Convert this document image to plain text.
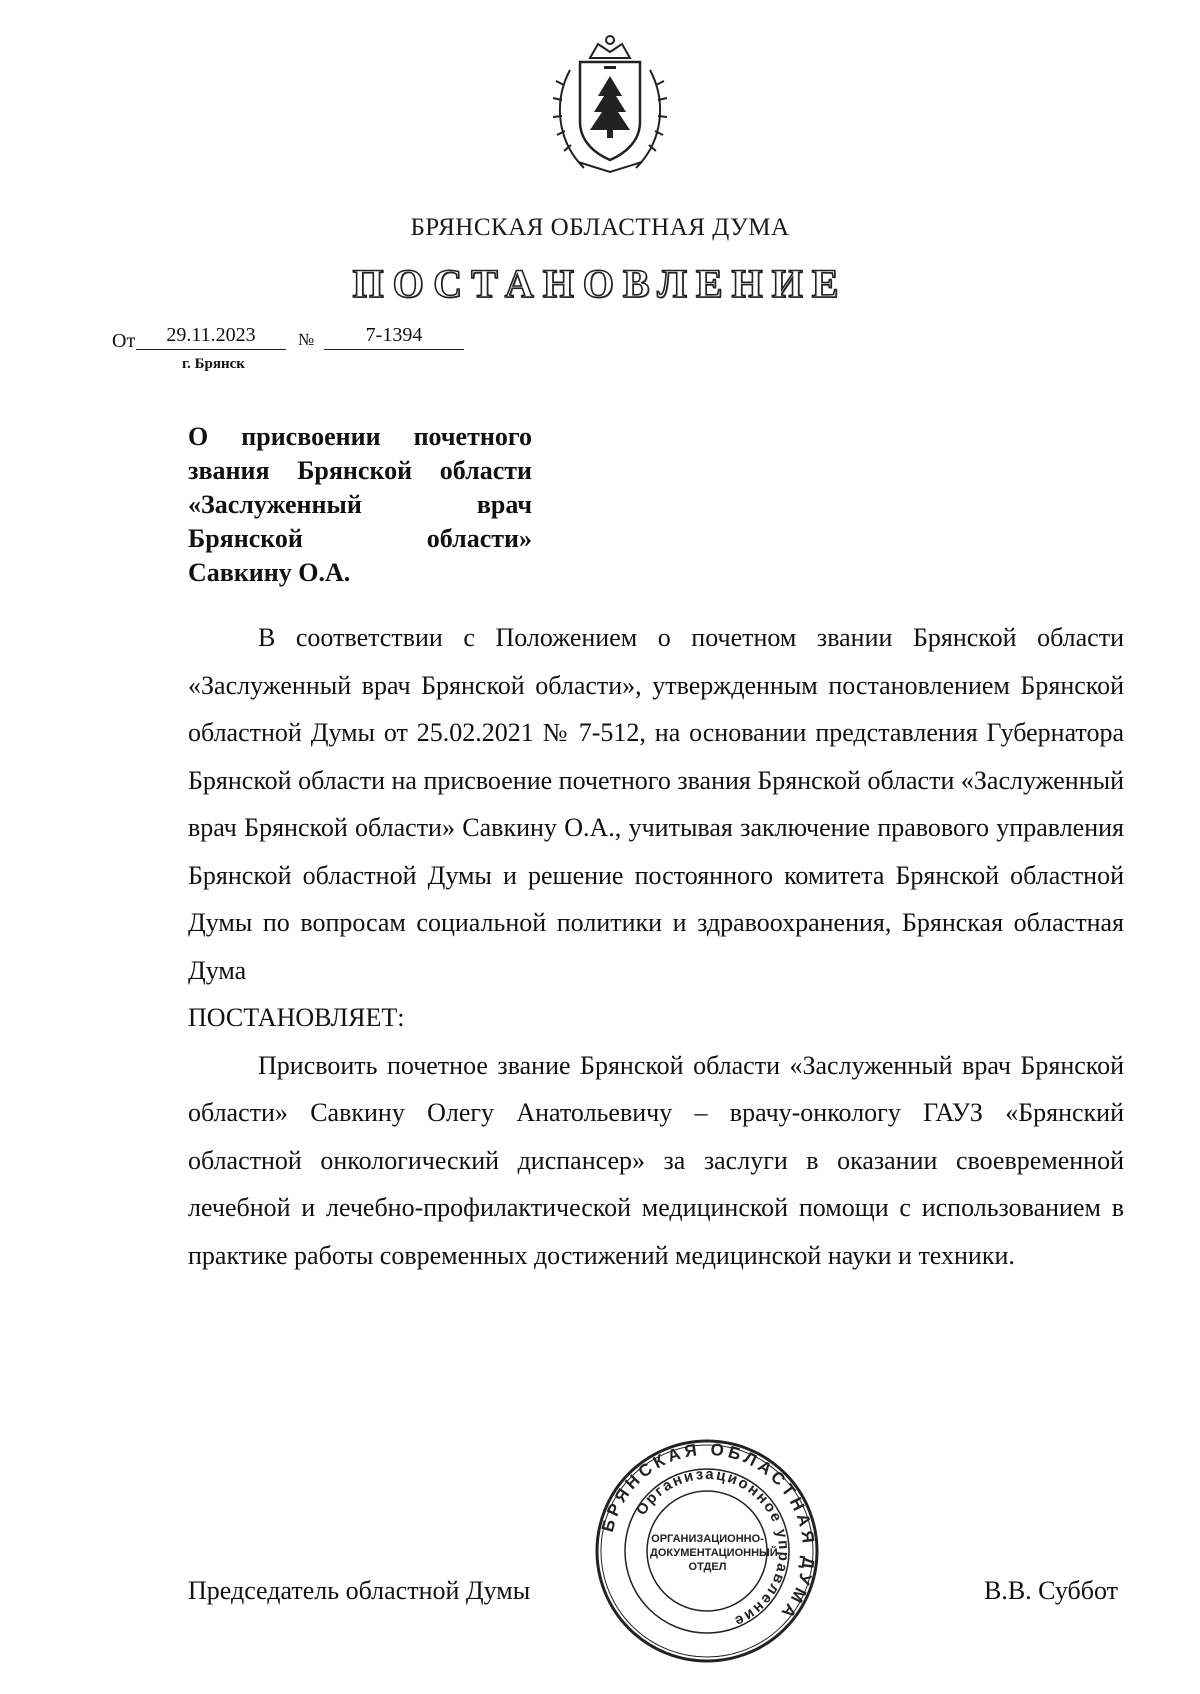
БРЯНСКАЯ ОБЛАСТНАЯ ДУМА
ПОСТАНОВЛЕНИЕ
От	29.11.2023	№	7-1394
г. Брянск
О присвоении почетного
звания Брянской области
«Заслуженный врач
Брянской области»
Савкину О.А.

В соответствии с Положением о почетном звании Брянской области «Заслуженный врач Брянской области», утвержденным постановлением Брянской областной Думы от 25.02.2021 № 7-512, на основании представления Губернатора Брянской области на присвоение почетного звания Брянской области «Заслуженный врач Брянской области» Савкину О.А., учитывая заключение правового управления Брянской областной Думы и решение постоянного комитета Брянской областной Думы по вопросам социальной политики и здравоохранения, Брянская областная Дума

ПОСТАНОВЛЯЕТ:

Присвоить почетное звание Брянской области «Заслуженный врач Брянской области» Савкину Олегу Анатольевичу – врачу-онкологу ГАУЗ «Брянский областной онкологический диспансер» за заслуги в оказании своевременной лечебной и лечебно-профилактической медицинской помощи с использованием в практике работы современных достижений медицинской науки и техники.

Председатель областной Думы	В.В. Суббот
БРЯНСКАЯ ОБЛАСТНАЯ ДУМА
Организационное управление
ОРГАНИЗАЦИОННО-
ДОКУМЕНТАЦИОННЫЙ
ОТДЕЛ
